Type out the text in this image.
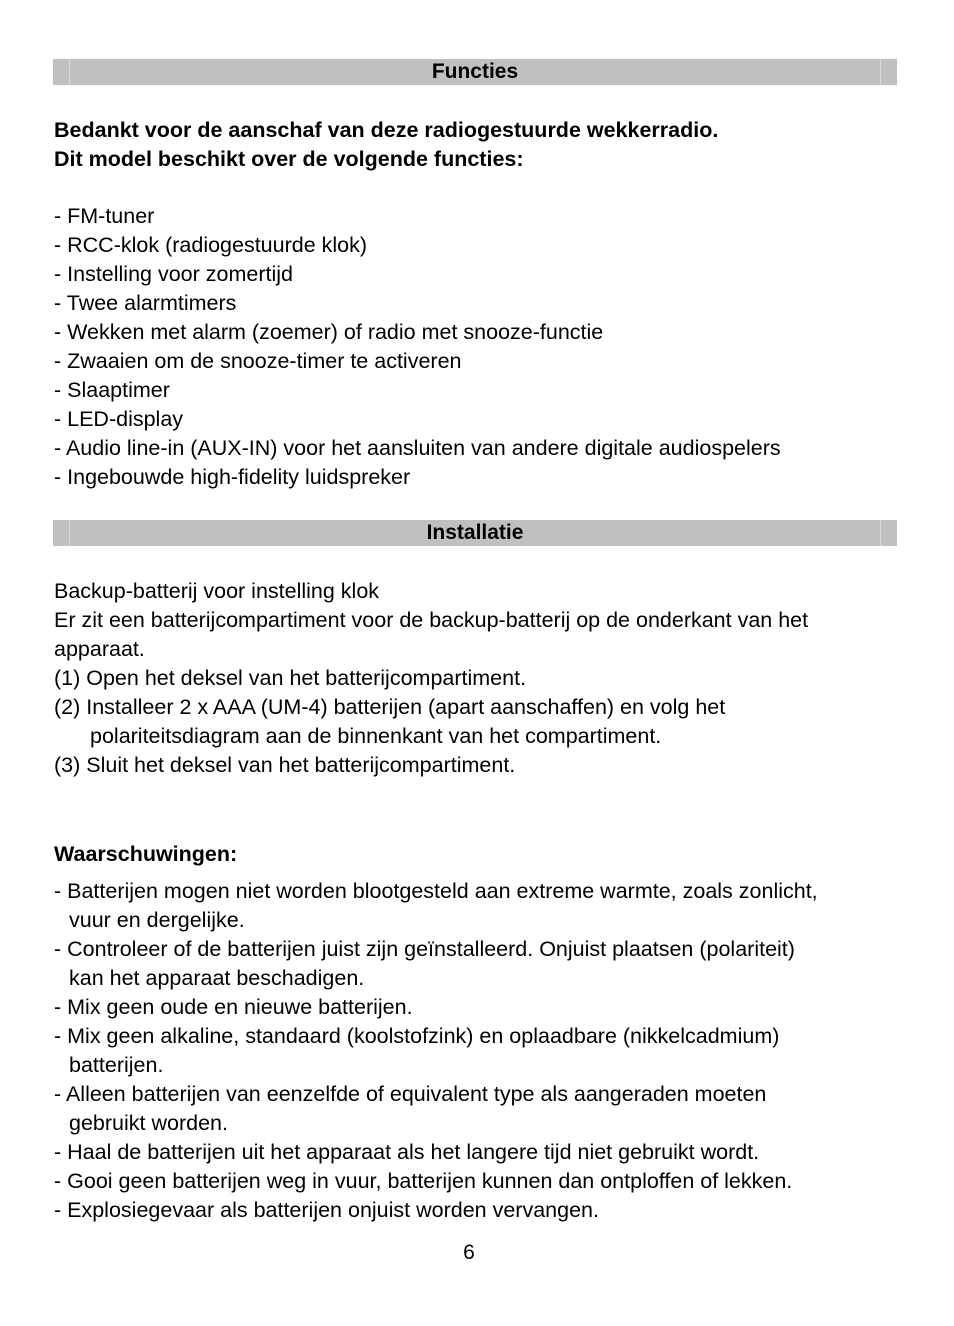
Functies
Bedankt voor de aanschaf van deze radiogestuurde wekkerradio.
Dit model beschikt over de volgende functies:
- FM-tuner
- RCC-klok (radiogestuurde klok)
- Instelling voor zomertijd
- Twee alarmtimers
- Wekken met alarm (zoemer) of radio met snooze-functie
- Zwaaien om de snooze-timer te activeren
- Slaaptimer
- LED-display
- Audio line-in (AUX-IN) voor het aansluiten van andere digitale audiospelers
- Ingebouwde high-fidelity luidspreker
Installatie
Backup-batterij voor instelling klok
Er zit een batterijcompartiment voor de backup-batterij op de onderkant van het
apparaat.
(1) Open het deksel van het batterijcompartiment.
(2) Installeer 2 x AAA (UM-4) batterijen (apart aanschaffen) en volg het
polariteitsdiagram aan de binnenkant van het compartiment.
(3) Sluit het deksel van het batterijcompartiment.
Waarschuwingen:
- Batterijen mogen niet worden blootgesteld aan extreme warmte, zoals zonlicht,
vuur en dergelijke.
- Controleer of de batterijen juist zijn geïnstalleerd. Onjuist plaatsen (polariteit)
kan het apparaat beschadigen.
- Mix geen oude en nieuwe batterijen.
- Mix geen alkaline, standaard (koolstofzink) en oplaadbare (nikkelcadmium)
batterijen.
- Alleen batterijen van eenzelfde of equivalent type als aangeraden moeten
gebruikt worden.
- Haal de batterijen uit het apparaat als het langere tijd niet gebruikt wordt.
- Gooi geen batterijen weg in vuur, batterijen kunnen dan ontploffen of lekken.
- Explosiegevaar als batterijen onjuist worden vervangen.
6
